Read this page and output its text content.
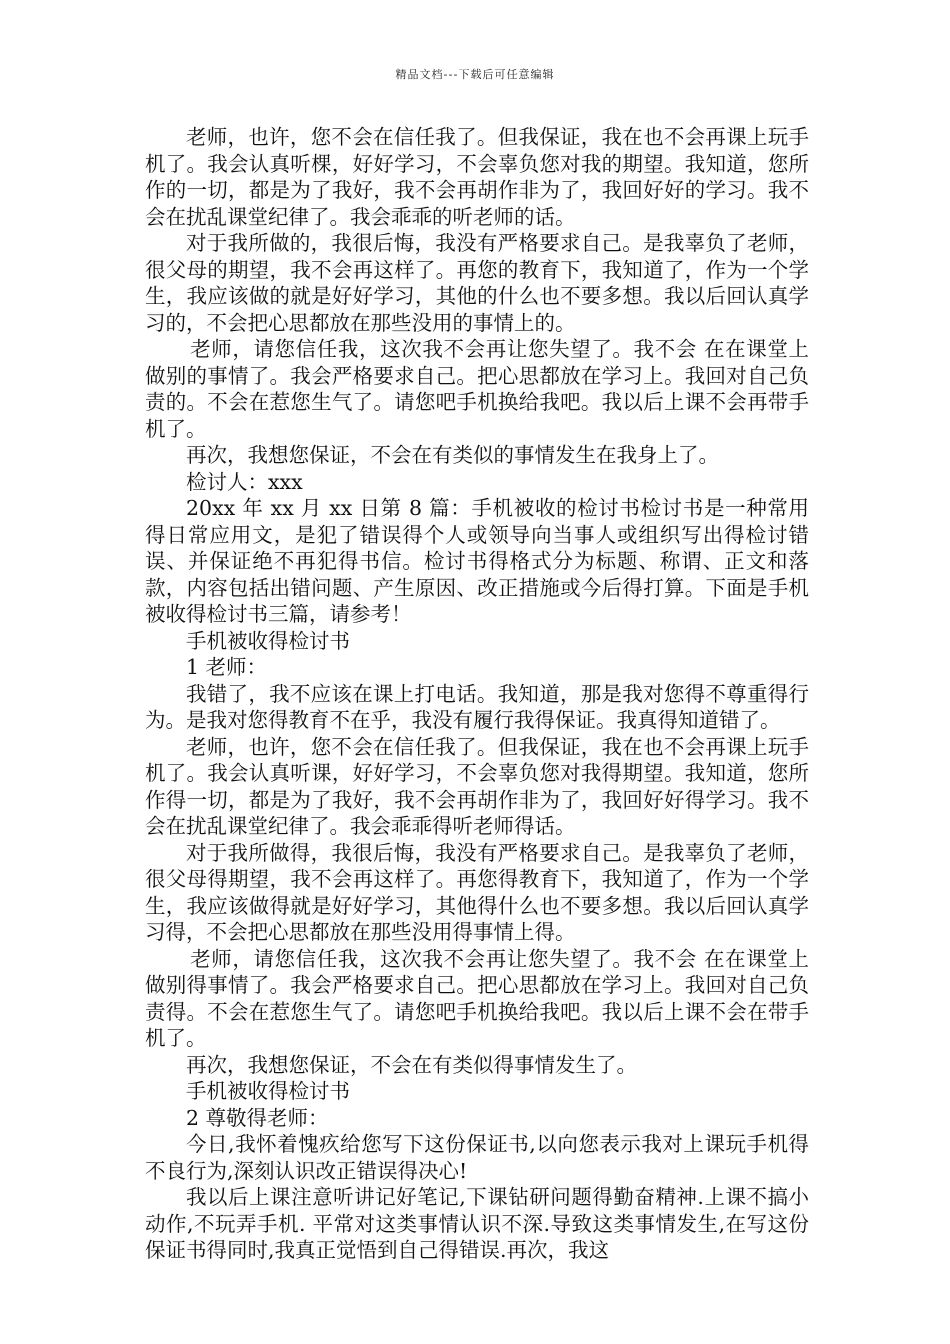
精品文档---下载后可任意编辑

老师，也许，您不会在信任我了。但我保证，我在也不会再课上玩手机了。我会认真听棵，好好学习，不会辜负您对我的期望。我知道，您所作的一切，都是为了我好，我不会再胡作非为了，我回好好的学习。我不会在扰乱课堂纪律了。我会乖乖的听老师的话。

对于我所做的，我很后悔，我没有严格要求自己。是我辜负了老师，很父母的期望，我不会再这样了。再您的教育下，我知道了，作为一个学生，我应该做的就是好好学习，其他的什么也不要多想。我以后回认真学习的，不会把心思都放在那些没用的事情上的。

老师，请您信任我，这次我不会再让您失望了。我不会 在在课堂上做别的事情了。我会严格要求自己。把心思都放在学习上。我回对自己负责的。不会在惹您生气了。请您吧手机换给我吧。我以后上课不会再带手机了。

再次，我想您保证，不会在有类似的事情发生在我身上了。

检讨人：xxx

20xx 年 xx 月 xx 日第 8 篇：手机被收的检讨书检讨书是一种常用得日常应用文，是犯了错误得个人或领导向当事人或组织写出得检讨错误、并保证绝不再犯得书信。检讨书得格式分为标题、称谓、正文和落款，内容包括出错问题、产生原因、改正措施或今后得打算。下面是手机被收得检讨书三篇，请参考！

手机被收得检讨书

1 老师：

我错了，我不应该在课上打电话。我知道，那是我对您得不尊重得行为。是我对您得教育不在乎，我没有履行我得保证。我真得知道错了。

老师，也许，您不会在信任我了。但我保证，我在也不会再课上玩手机了。我会认真听课，好好学习，不会辜负您对我得期望。我知道，您所作得一切，都是为了我好，我不会再胡作非为了，我回好好得学习。我不会在扰乱课堂纪律了。我会乖乖得听老师得话。

对于我所做得，我很后悔，我没有严格要求自己。是我辜负了老师，很父母得期望，我不会再这样了。再您得教育下，我知道了，作为一个学生，我应该做得就是好好学习，其他得什么也不要多想。我以后回认真学习得，不会把心思都放在那些没用得事情上得。

老师，请您信任我，这次我不会再让您失望了。我不会 在在课堂上做别得事情了。我会严格要求自己。把心思都放在学习上。我回对自己负责得。不会在惹您生气了。请您吧手机换给我吧。我以后上课不会在带手机了。

再次，我想您保证，不会在有类似得事情发生了。

手机被收得检讨书

2 尊敬得老师：

今日,我怀着愧疚给您写下这份保证书,以向您表示我对上课玩手机得不良行为,深刻认识改正错误得决心!

我以后上课注意听讲记好笔记,下课钻研问题得勤奋精神.上课不搞小动作,不玩弄手机. 平常对这类事情认识不深.导致这类事情发生,在写这份保证书得同时,我真正觉悟到自己得错误.再次，我这
